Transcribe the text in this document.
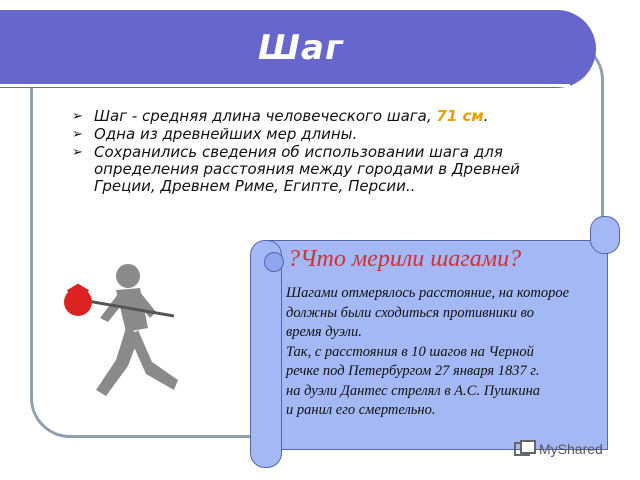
Шаг
➢ Шаг - средняя длина человеческого шага, 71 см.
➢ Одна из древнейших мер длины.
➢ Сохранились сведения об использовании шага для определения расстояния между городами в Древней Греции, Древнем Риме, Египте, Персии..
?Что мерили шагами?
Шагами отмерялось расстояние, на которое
должны были сходиться противники во
время дуэли.
Так, с расстояния в 10 шагов на Черной
речке под Петербургом 27 января 1837 г.
на дуэли Дантес стрелял в А.С. Пушкина
и ранил его смертельно.
MyShared
